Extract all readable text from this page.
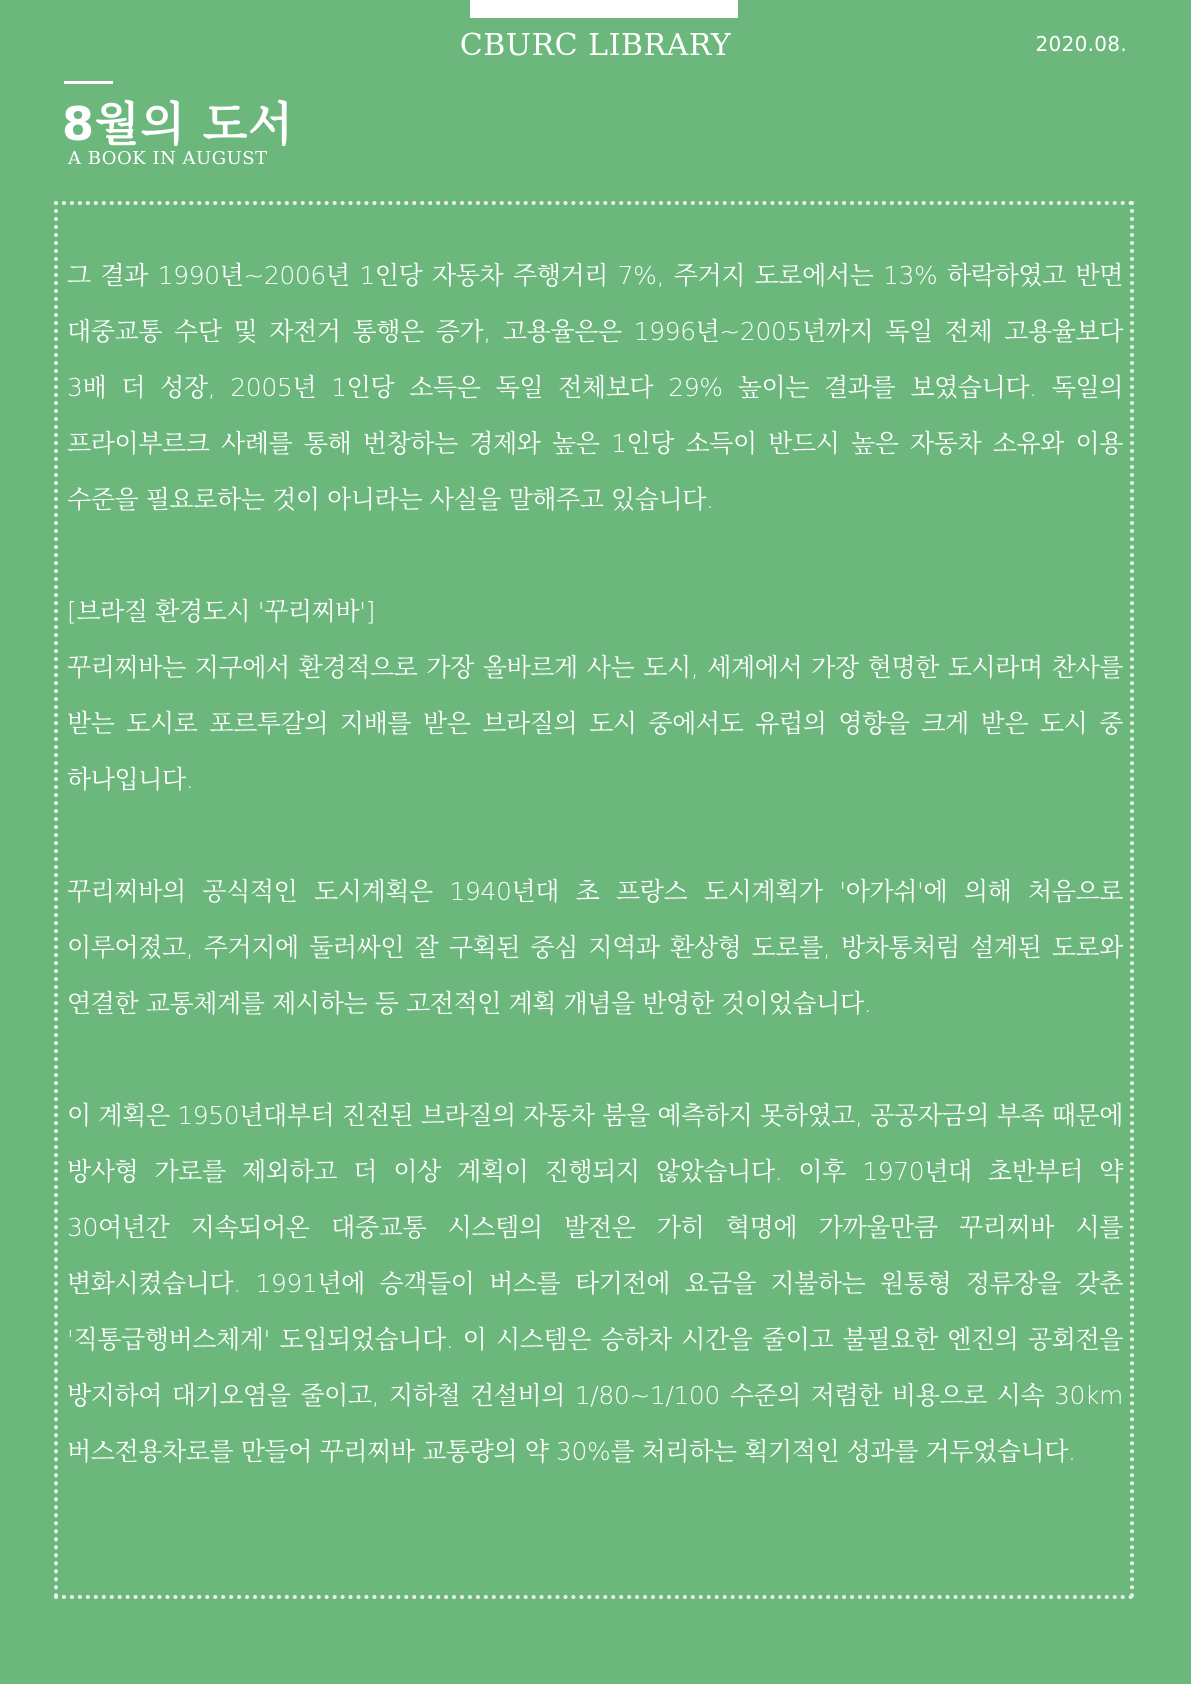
CBURC LIBRARY	2020.08.
8월의 도서
A BOOK IN AUGUST

그 결과 1990년~2006년 1인당 자동차 주행거리 7%, 주거지 도로에서는 13% 하락하였고 반면 대중교통 수단 및 자전거 통행은 증가, 고용율은은 1996년~2005년까지 독일 전체 고용율보다 3배 더 성장, 2005년 1인당 소득은 독일 전체보다 29% 높이는 결과를 보였습니다. 독일의 프라이부르크 사례를 통해 번창하는 경제와 높은 1인당 소득이 반드시 높은 자동차 소유와 이용 수준을 필요로하는 것이 아니라는 사실을 말해주고 있습니다.

[브라질 환경도시 '꾸리찌바']

꾸리찌바는 지구에서 환경적으로 가장 올바르게 사는 도시, 세계에서 가장 현명한 도시라며 찬사를 받는 도시로 포르투갈의 지배를 받은 브라질의 도시 중에서도 유럽의 영향을 크게 받은 도시 중 하나입니다.

꾸리찌바의 공식적인 도시계획은 1940년대 초 프랑스 도시계획가 '아가쉬'에 의해 처음으로 이루어졌고, 주거지에 둘러싸인 잘 구획된 중심 지역과 환상형 도로를, 방차통처럼 설계된 도로와 연결한 교통체계를 제시하는 등 고전적인 계획 개념을 반영한 것이었습니다.

이 계획은 1950년대부터 진전된 브라질의 자동차 붐을 예측하지 못하였고, 공공자금의 부족 때문에 방사형 가로를 제외하고 더 이상 계획이 진행되지 않았습니다. 이후 1970년대 초반부터 약 30여년간 지속되어온 대중교통 시스템의 발전은 가히 혁명에 가까울만큼 꾸리찌바 시를 변화시켰습니다. 1991년에 승객들이 버스를 타기전에 요금을 지불하는 원통형 정류장을 갖춘 '직통급행버스체계' 도입되었습니다. 이 시스템은 승하차 시간을 줄이고 불필요한 엔진의 공회전을 방지하여 대기오염을 줄이고, 지하철 건설비의 1/80~1/100 수준의 저렴한 비용으로 시속 30km 버스전용차로를 만들어 꾸리찌바 교통량의 약 30%를 처리하는 획기적인 성과를 거두었습니다.
